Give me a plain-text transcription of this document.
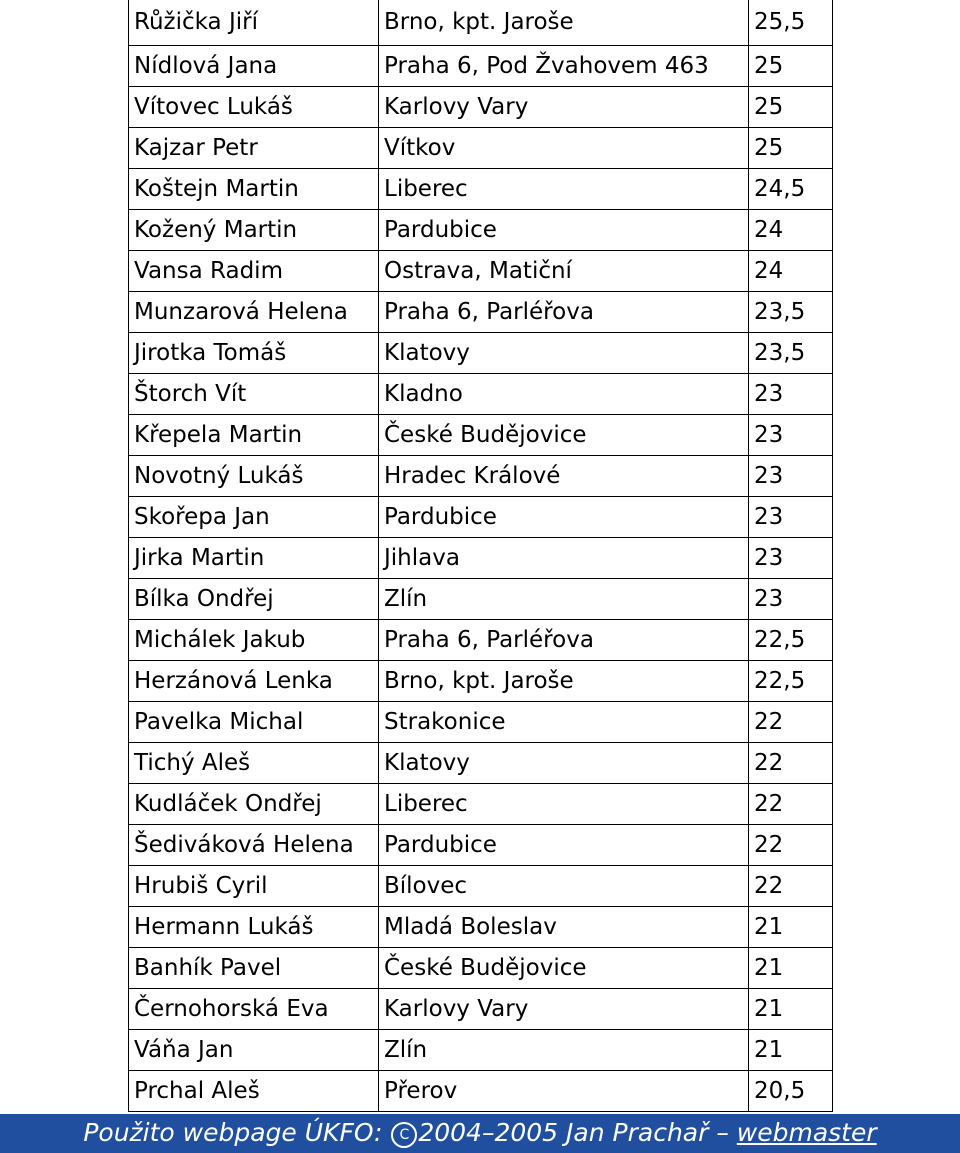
Růžička Jiří	Brno, kpt. Jaroše	25,5
Nídlová Jana	Praha 6, Pod Žvahovem 463	25
Vítovec Lukáš	Karlovy Vary	25
Kajzar Petr	Vítkov	25
Koštejn Martin	Liberec	24,5
Kožený Martin	Pardubice	24
Vansa Radim	Ostrava, Matiční	24
Munzarová Helena	Praha 6, Parléřova	23,5
Jirotka Tomáš	Klatovy	23,5
Štorch Vít	Kladno	23
Křepela Martin	České Budějovice	23
Novotný Lukáš	Hradec Králové	23
Skořepa Jan	Pardubice	23
Jirka Martin	Jihlava	23
Bílka Ondřej	Zlín	23
Michálek Jakub	Praha 6, Parléřova	22,5
Herzánová Lenka	Brno, kpt. Jaroše	22,5
Pavelka Michal	Strakonice	22
Tichý Aleš	Klatovy	22
Kudláček Ondřej	Liberec	22
Šediváková Helena	Pardubice	22
Hrubiš Cyril	Bílovec	22
Hermann Lukáš	Mladá Boleslav	21
Banhík Pavel	České Budějovice	21
Černohorská Eva	Karlovy Vary	21
Váňa Jan	Zlín	21
Prchal Aleš	Přerov	20,5
Použito webpage ÚKFO: C 2004–2005 Jan Prachař – webmaster
